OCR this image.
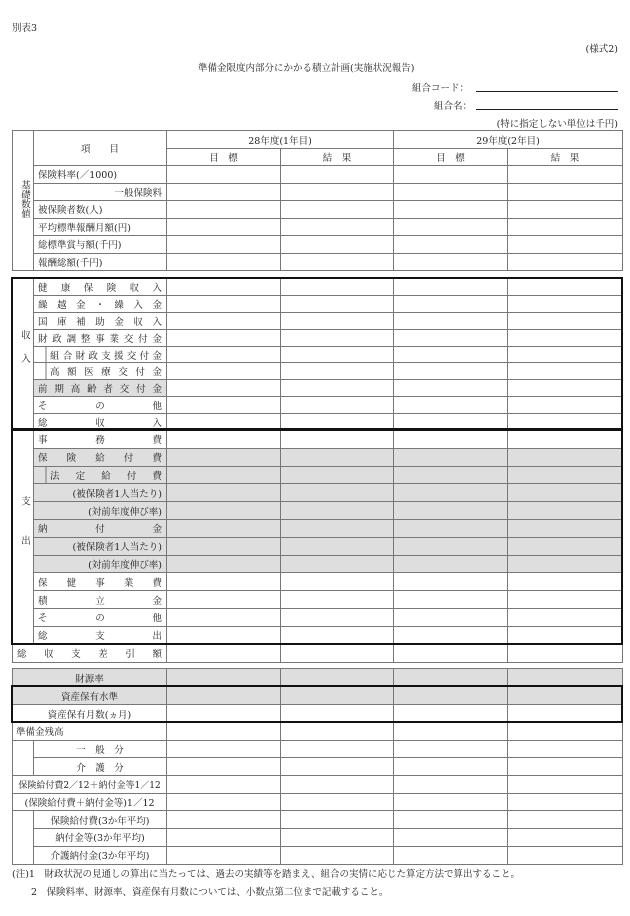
別表3
(様式2)
準備金限度内部分にかかる積立計画(実施状況報告)
組合コード：
組合名：
(特に指定しない単位は千円)
基礎数値	項　　目	28年度(1年目)		29年度(2年目)	
		目　標	結　果	目　標	結　果
	保険料率(／1000)				
	一般保険料				
	被保険者数(人)				
	平均標準報酬月額(円)				
	総標準賞与額(千円)				
	報酬総額(千円)				
収入	健康保険収入				
	繰越金・繰入金				
	国庫補助金収入				
	財政調整事業交付金				
	組合財政支援交付金				
	高額医療交付金				
	前期高齢者交付金				
	その他				
	総収入				
支出	事務費				
	保険給付費				
	法定給付費				
	(被保険者1人当たり)				
	(対前年度伸び率)				
	納付金				
	(被保険者1人当たり)				
	(対前年度伸び率)				
	保健事業費				
	積立金				
	その他				
	総支出				
総収支差引額					
財源率					
資産保有水準					
資産保有月数(ヵ月)					
準備金残高					
	一　般　分				
	介　護　分				
保険給付費2／12＋納付金等1／12					
(保険給付費＋納付金等)1／12					
	保険給付費(3か年平均)				
	納付金等(3か年平均)				
	介護納付金(3か年平均)				
(注)1　財政状況の見通しの算出に当たっては、過去の実績等を踏まえ、組合の実情に応じた算定方法で算出すること。
　　2　保険料率、財源率、資産保有月数については、小数点第二位まで記載すること。
